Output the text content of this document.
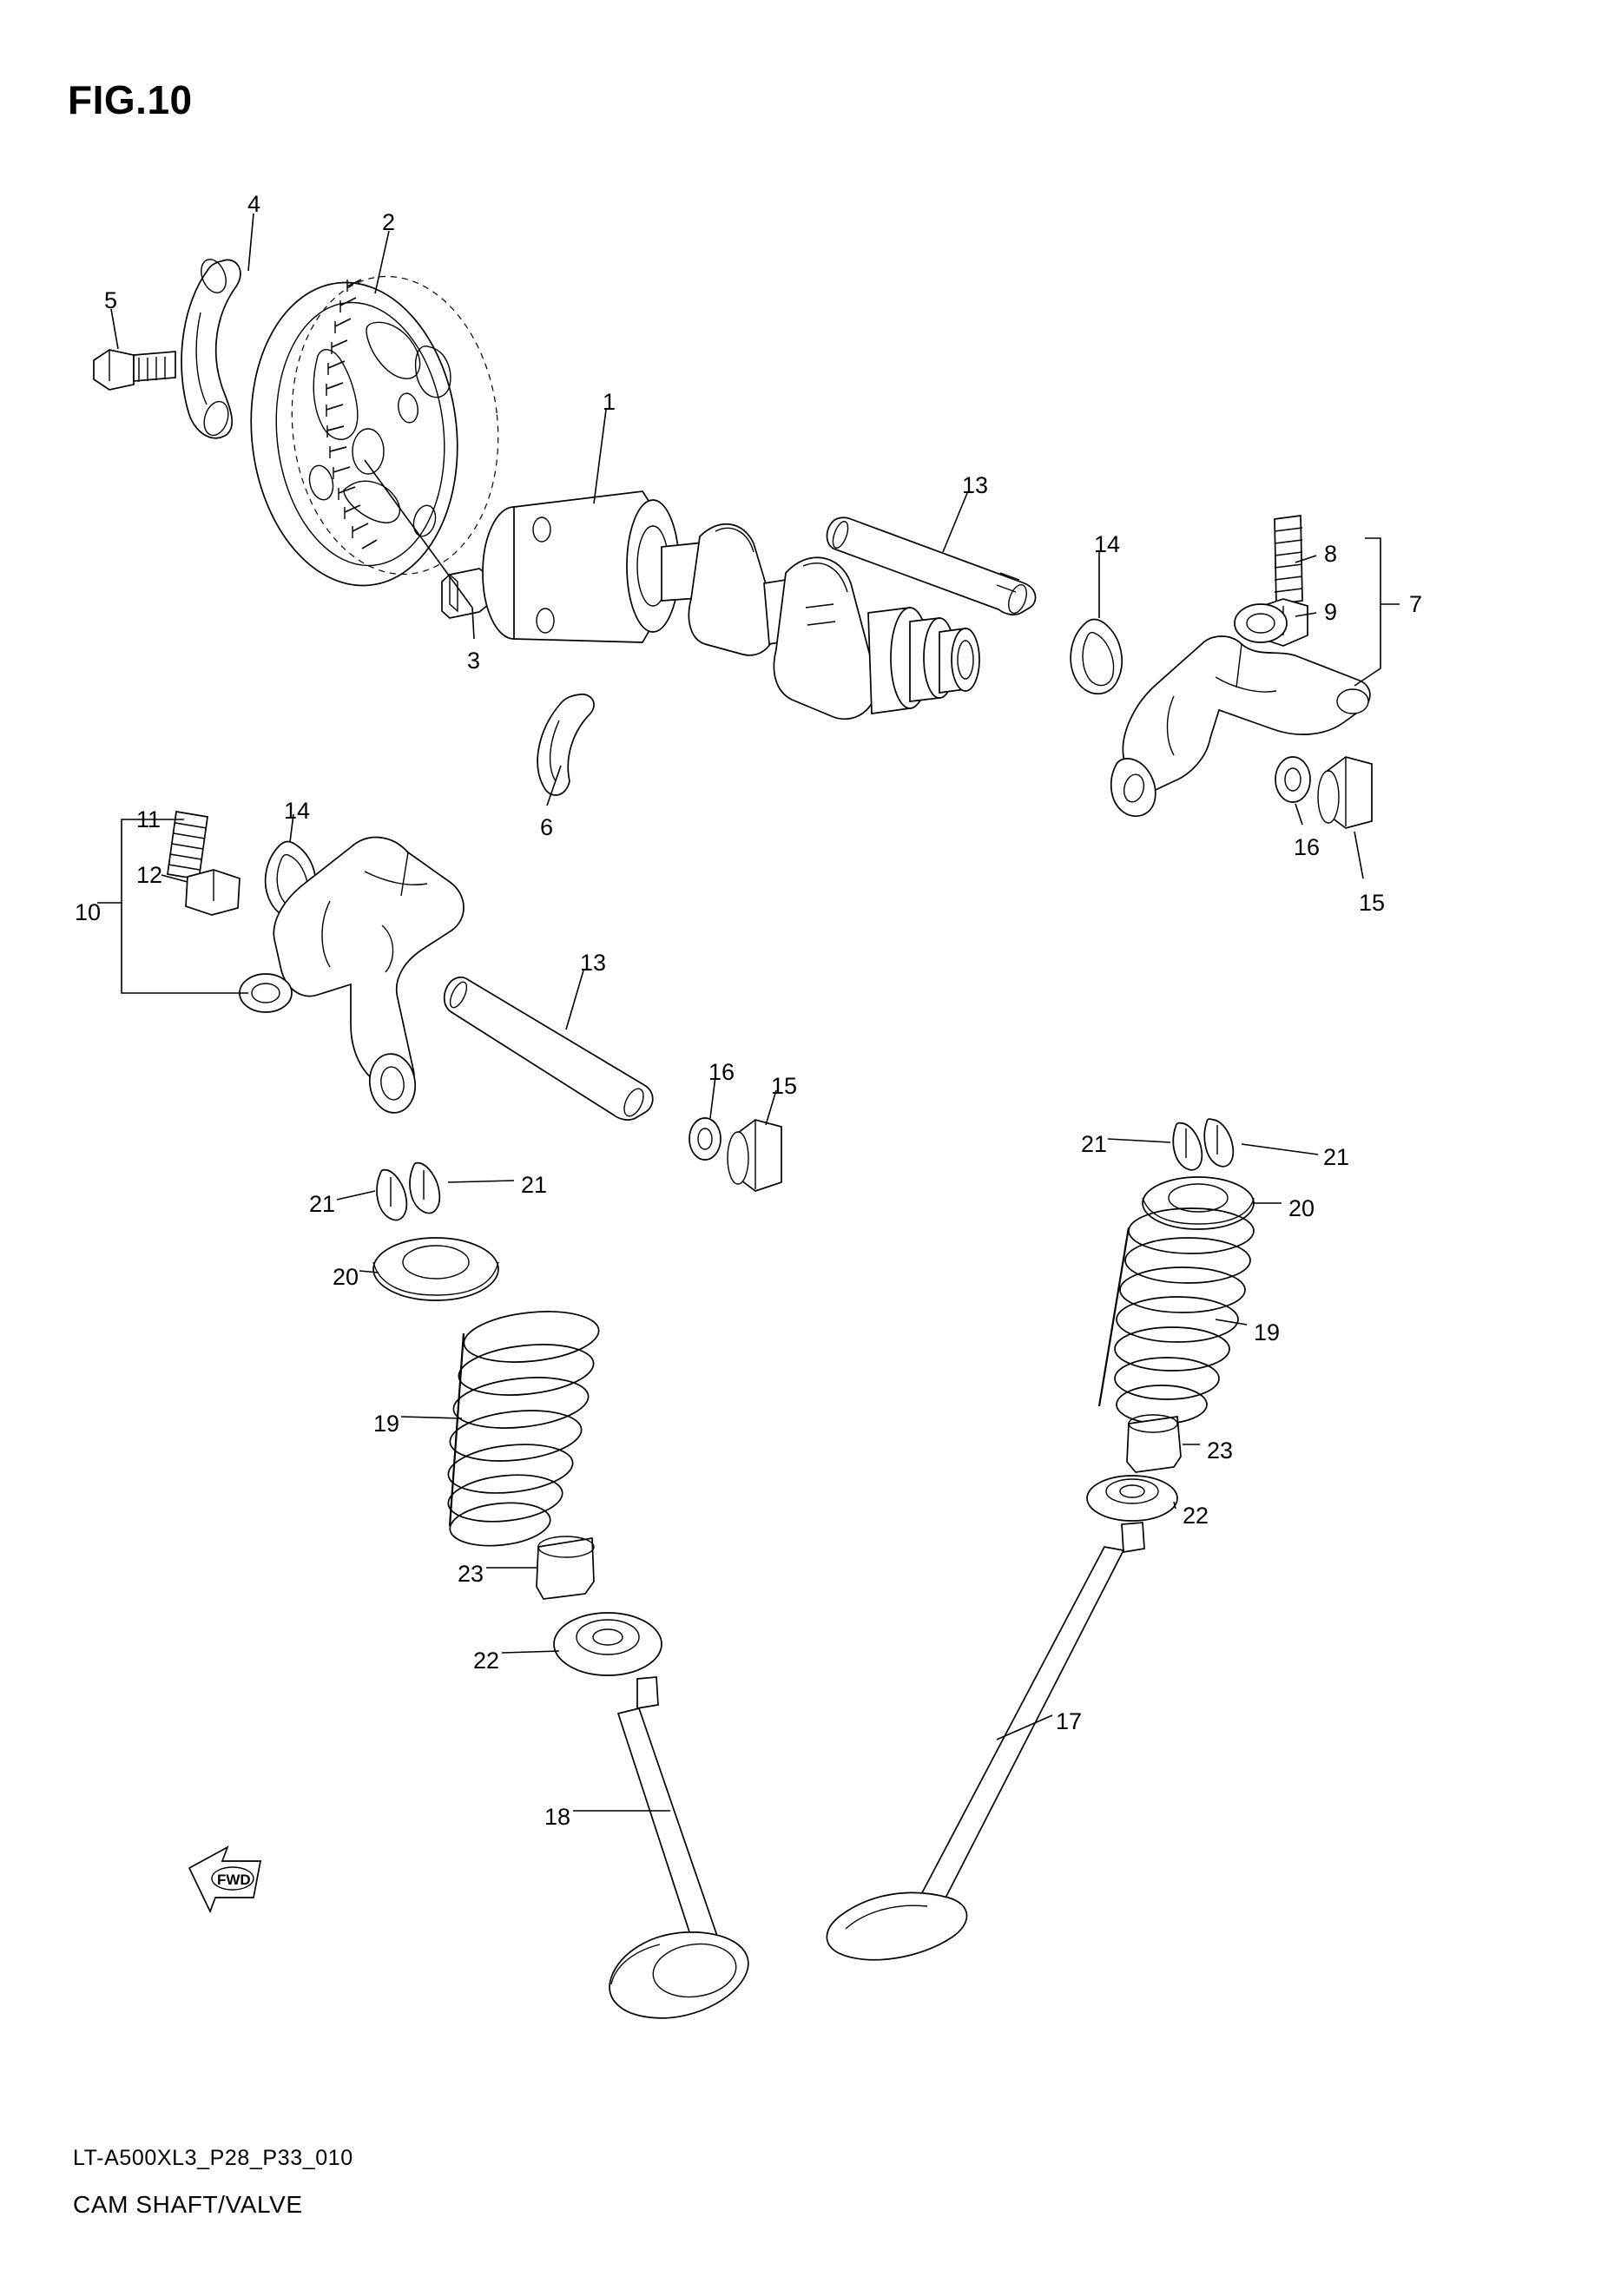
FIG.10
FWD
4
2
5
1
13
14	8
7
9
3
6
11	14
12
10
16
15
13
16
15
21	21
20
21
21
19
20
19
23
22
23
22
17
18
LT-A500XL3_P28_P33_010
CAM SHAFT/VALVE
